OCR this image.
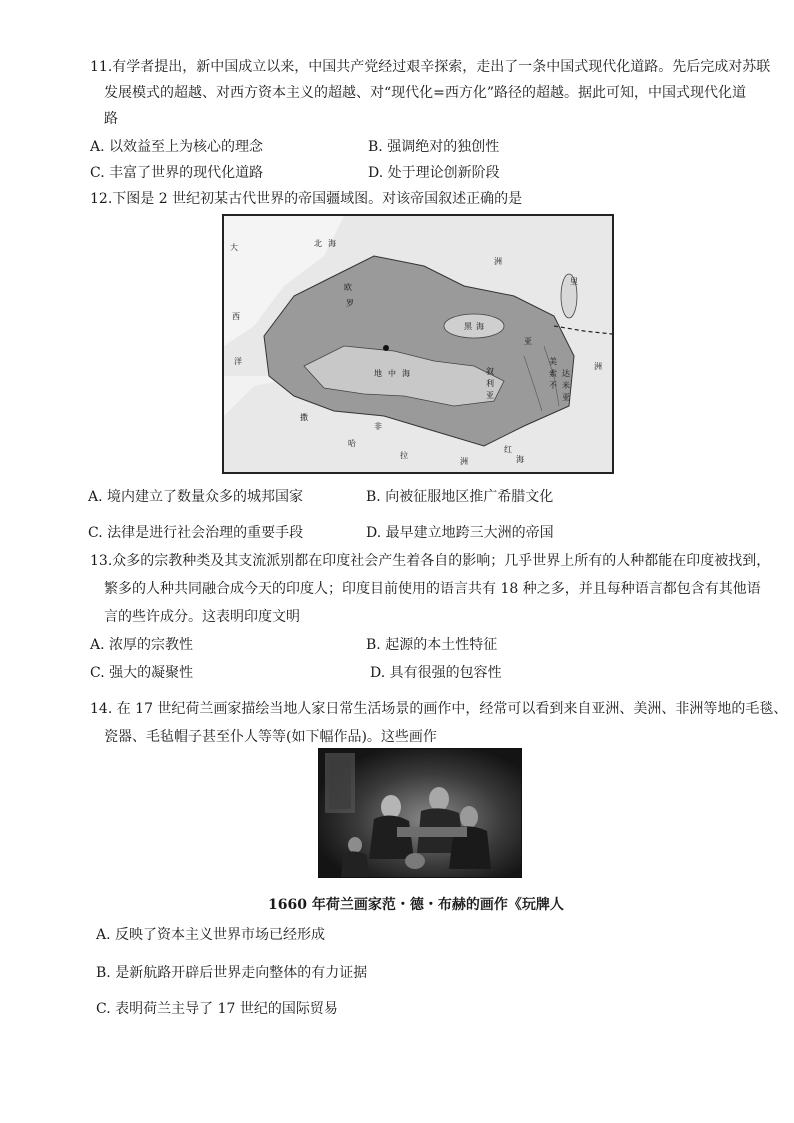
11.有学者提出，新中国成立以来，中国共产党经过艰辛探索，走出了一条中国式现代化道路。先后完成对苏联
发展模式的超越、对西方资本主义的超越、对“现代化=西方化”路径的超越。据此可知，中国式现代化道
路
A. 以效益至上为核心的理念	B. 强调绝对的独创性
C. 丰富了世界的现代化道路	D. 处于理论创新阶段
12.下图是 2 世纪初某古代世界的帝国疆域图。对该帝国叙述正确的是
大	北 海
西
欧
罗
洲
洋
黑 海
里
亚
地 中 海
撒
哈
拉
洲
非
洲
美
索
不
达
米
亚
叙
利
亚
红
海
A. 境内建立了数量众多的城邦国家	B. 向被征服地区推广希腊文化
C. 法律是进行社会治理的重要手段	D. 最早建立地跨三大洲的帝国
13.众多的宗教种类及其支流派别都在印度社会产生着各自的影响；几乎世界上所有的人种都能在印度被找到，
繁多的人种共同融合成今天的印度人；印度目前使用的语言共有 18 种之多，并且每种语言都包含有其他语
言的些许成分。这表明印度文明
A. 浓厚的宗教性	B. 起源的本土性特征
C. 强大的凝聚性	D. 具有很强的包容性
14. 在 17 世纪荷兰画家描绘当地人家日常生活场景的画作中，经常可以看到来自亚洲、美洲、非洲等地的毛毯、
瓷器、毛毡帽子甚至仆人等等(如下幅作品)。这些画作
1660 年荷兰画家范・德・布赫的画作《玩牌人
A. 反映了资本主义世界市场已经形成
B. 是新航路开辟后世界走向整体的有力证据
C. 表明荷兰主导了 17 世纪的国际贸易
